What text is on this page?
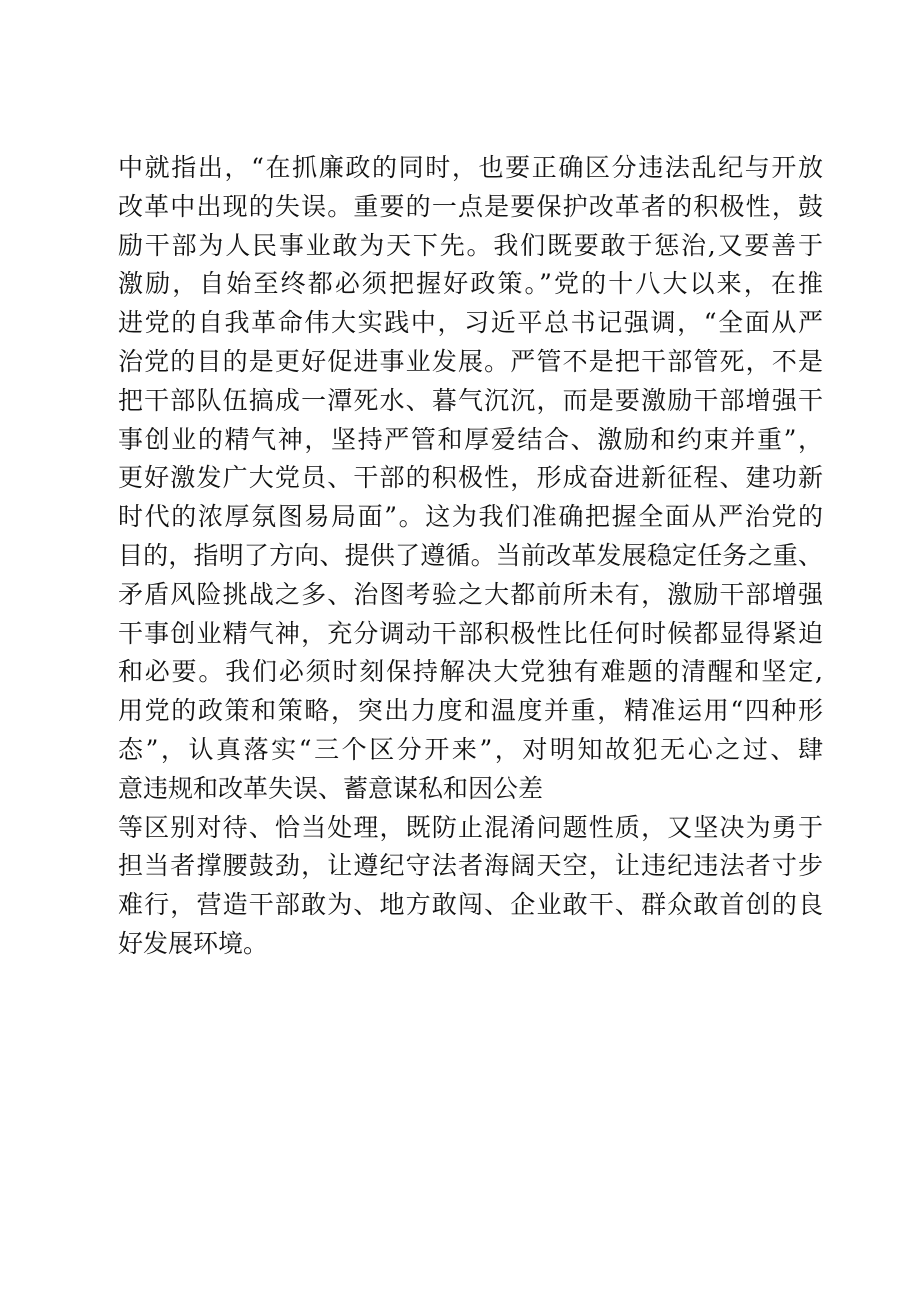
中就指出，“在抓廉政的同时，也要正确区分违法乱纪与开放
改革中出现的失误。重要的一点是要保护改革者的积极性，鼓
励干部为人民事业敢为天下先。我们既要敢于惩治,又要善于
激励，自始至终都必须把握好政策。”党的十八大以来，在推
进党的自我革命伟大实践中，习近平总书记强调，“全面从严
治党的目的是更好促进事业发展。严管不是把干部管死，不是
把干部队伍搞成一潭死水、暮气沉沉，而是要激励干部增强干
事创业的精气神，坚持严管和厚爱结合、激励和约束并重”，
更好激发广大党员、干部的积极性，形成奋进新征程、建功新
时代的浓厚氛图易局面”。这为我们准确把握全面从严治党的
目的，指明了方向、提供了遵循。当前改革发展稳定任务之重、
矛盾风险挑战之多、治图考验之大都前所未有，激励干部增强
干事创业精气神，充分调动干部积极性比任何时候都显得紧迫
和必要。我们必须时刻保持解决大党独有难题的清醒和坚定,
用党的政策和策略，突出力度和温度并重，精准运用“四种形
态”，认真落实“三个区分开来”，对明知故犯无心之过、肆
意违规和改革失误、蓄意谋私和因公差
等区别对待、恰当处理，既防止混淆问题性质，又坚决为勇于
担当者撑腰鼓劲，让遵纪守法者海阔天空，让违纪违法者寸步
难行，营造干部敢为、地方敢闯、企业敢干、群众敢首创的良
好发展环境。
